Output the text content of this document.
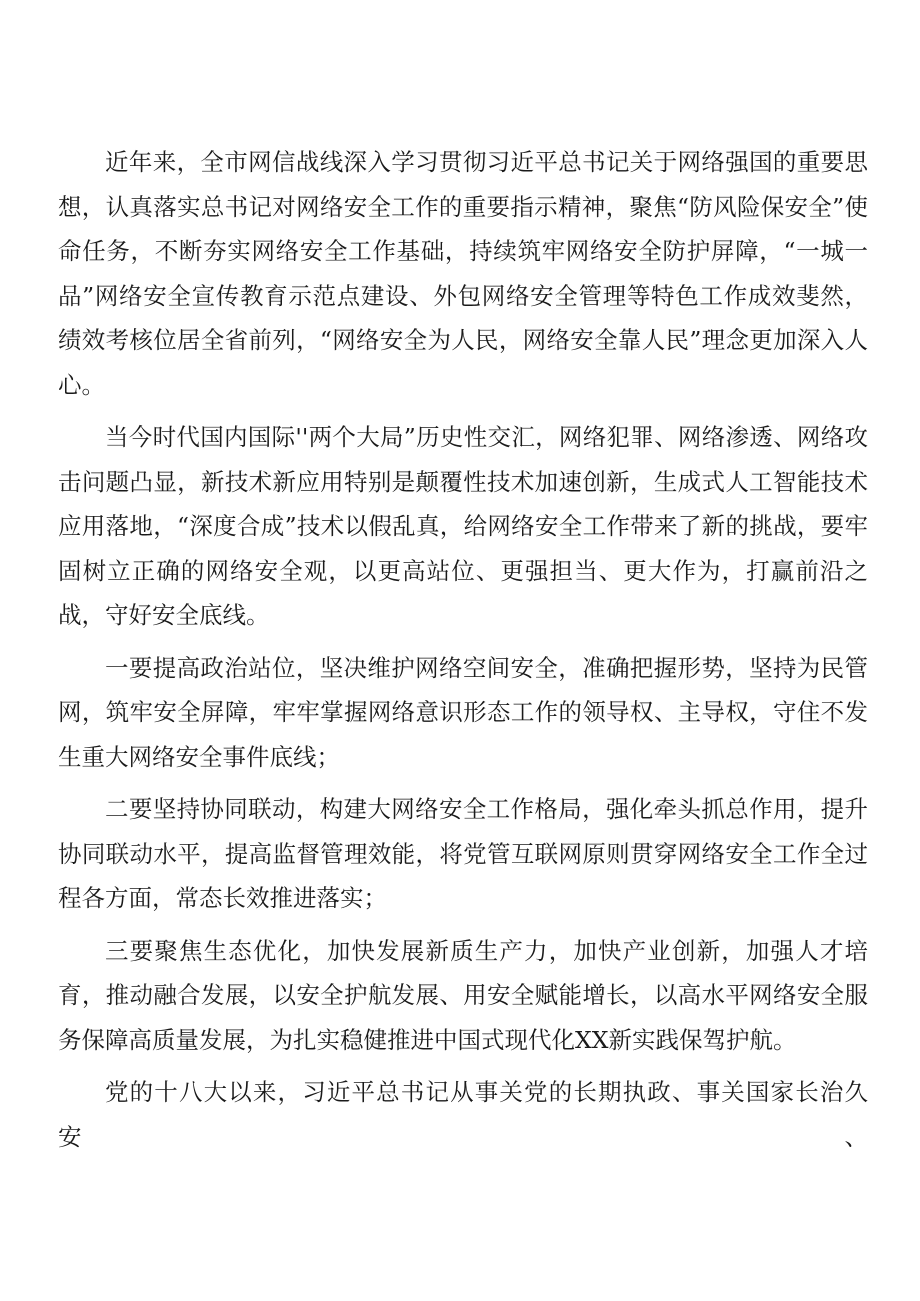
近年来，全市网信战线深入学习贯彻习近平总书记关于网络强国的重要思想，认真落实总书记对网络安全工作的重要指示精神，聚焦“防风险保安全”使命任务，不断夯实网络安全工作基础，持续筑牢网络安全防护屏障，“一城一品”网络安全宣传教育示范点建设、外包网络安全管理等特色工作成效斐然，绩效考核位居全省前列，“网络安全为人民，网络安全靠人民”理念更加深入人心。

当今时代国内国际''两个大局”历史性交汇，网络犯罪、网络渗透、网络攻击问题凸显，新技术新应用特别是颠覆性技术加速创新，生成式人工智能技术应用落地，“深度合成”技术以假乱真，给网络安全工作带来了新的挑战，要牢固树立正确的网络安全观，以更高站位、更强担当、更大作为，打赢前沿之战，守好安全底线。

一要提高政治站位，坚决维护网络空间安全，准确把握形势，坚持为民管网，筑牢安全屏障，牢牢掌握网络意识形态工作的领导权、主导权，守住不发生重大网络安全事件底线；

二要坚持协同联动，构建大网络安全工作格局，强化牵头抓总作用，提升协同联动水平，提高监督管理效能，将党管互联网原则贯穿网络安全工作全过程各方面，常态长效推进落实；

三要聚焦生态优化，加快发展新质生产力，加快产业创新，加强人才培育，推动融合发展，以安全护航发展、用安全赋能增长，以高水平网络安全服务保障高质量发展，为扎实稳健推进中国式现代化XX新实践保驾护航。

党的十八大以来，习近平总书记从事关党的长期执政、事关国家长治久安、
